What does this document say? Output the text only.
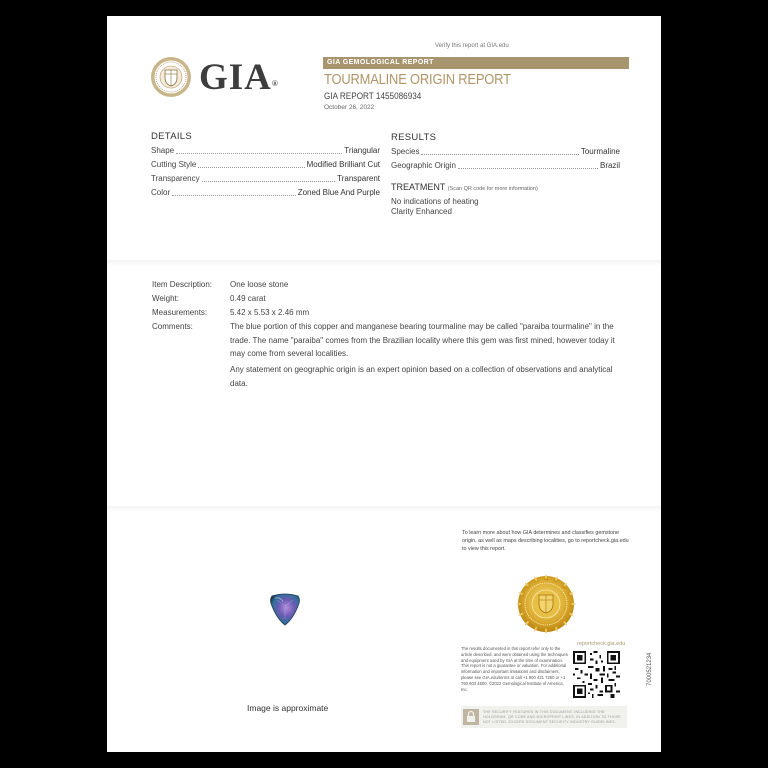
Verify this report at GIA.edu
GIA®
GIA GEMOLOGICAL REPORT
TOURMALINE ORIGIN REPORT
GIA REPORT 1455086934
October 26, 2022
DETAILS
Shape	Triangular
Cutting Style	Modified Brilliant Cut
Transparency	Transparent
Color	Zoned Blue And Purple
RESULTS
Species	Tourmaline
Geographic Origin	Brazil
TREATMENT (Scan QR code for more information)
No indications of heating
Clarity Enhanced
Item Description: One loose stone
Weight:	0.49 carat
Measurements:	5.42 x 5.53 x 2.46 mm
Comments:	The blue portion of this copper and manganese bearing tourmaline may be called "paraiba tourmaline" in the trade. The name "paraiba" comes from the Brazilian locality where this gem was first mined, however today it may come from several localities.
Any statement on geographic origin is an expert opinion based on a collection of observations and analytical data.
To learn more about how GIA determines and classifies gemstone origin, as well as maps describing localities, go to reportcheck.gia.edu to view this report.
Image is approximate
The results documented in this report refer only to the article described, and were obtained using the techniques and equipment used by GIA at the time of examination. This report is not a guarantee or valuation. For additional information and important limitations and disclaimers, please see GIA.edu/terms or call +1 800 421 7250 or +1 760 603 4500. ©2022 Gemological Institute of America, Inc.
reportcheck.gia.edu
7000521234
THE SECURITY FEATURES IN THIS DOCUMENT, INCLUDING THE HOLOGRAM, QR CODE AND MICROPRINT LINES, IN ADDITION TO THOSE NOT LISTED, EXCEED DOCUMENT SECURITY INDUSTRY GUIDELINES.
